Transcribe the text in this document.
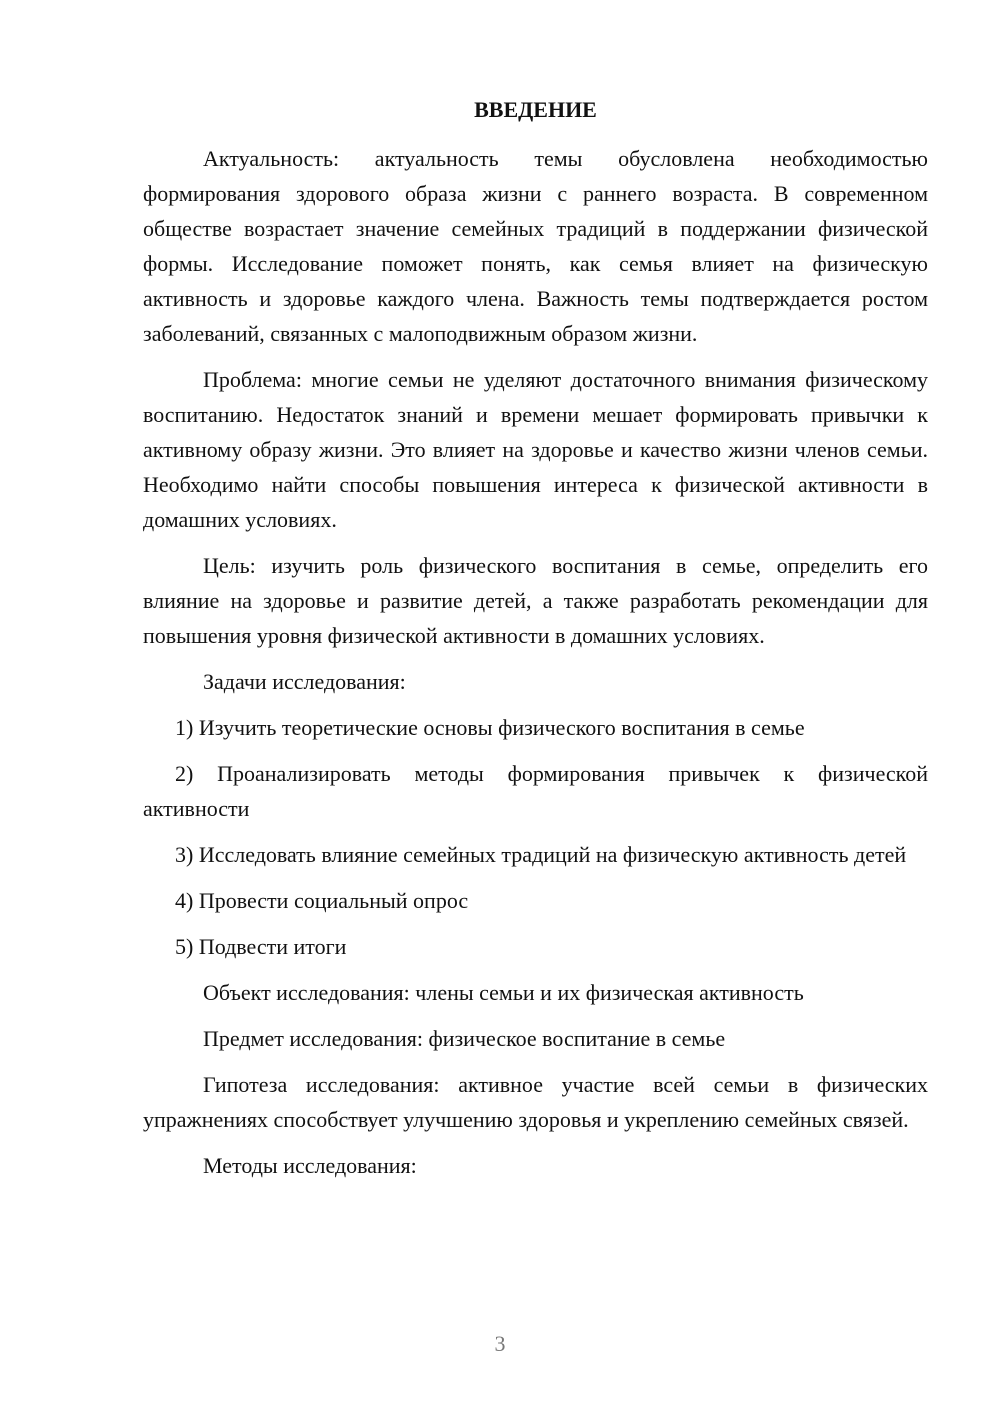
ВВЕДЕНИЕ

Актуальность: актуальность темы обусловлена необходимостью формирования здорового образа жизни с раннего возраста. В современном обществе возрастает значение семейных традиций в поддержании физической формы. Исследование поможет понять, как семья влияет на физическую активность и здоровье каждого члена. Важность темы подтверждается ростом заболеваний, связанных с малоподвижным образом жизни.

Проблема: многие семьи не уделяют достаточного внимания физическому воспитанию. Недостаток знаний и времени мешает формировать привычки к активному образу жизни. Это влияет на здоровье и качество жизни членов семьи. Необходимо найти способы повышения интереса к физической активности в домашних условиях.

Цель: изучить роль физического воспитания в семье, определить его влияние на здоровье и развитие детей, а также разработать рекомендации для повышения уровня физической активности в домашних условиях.

Задачи исследования:

1) Изучить теоретические основы физического воспитания в семье

2) Проанализировать методы формирования привычек к физической активности

3) Исследовать влияние семейных традиций на физическую активность детей

4) Провести социальный опрос

5) Подвести итоги

Объект исследования: члены семьи и их физическая активность

Предмет исследования: физическое воспитание в семье

Гипотеза исследования: активное участие всей семьи в физических упражнениях способствует улучшению здоровья и укреплению семейных связей.

Методы исследования:

3
